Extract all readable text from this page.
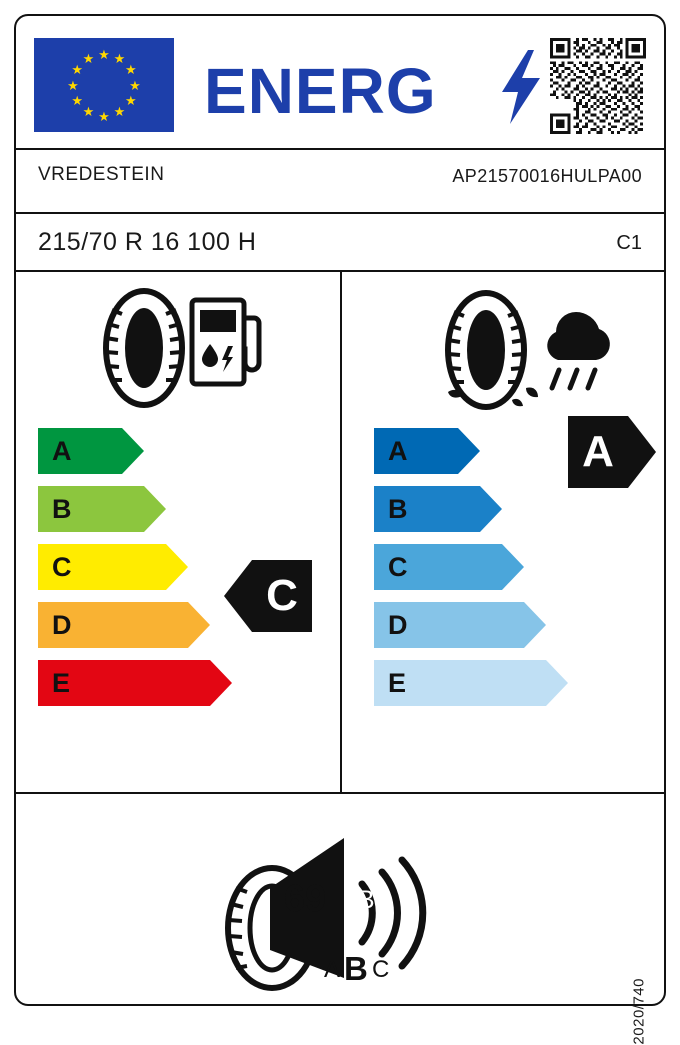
★ ★
★
★
★
★
★
★
★
★
★
★ ENERG
VREDESTEIN	AP21570016HULPA00
215/70 R 16 100 H	C1
A
B
C
D
E
C
A
B
C
D
E
A
69 dB
A B C
2020/740
